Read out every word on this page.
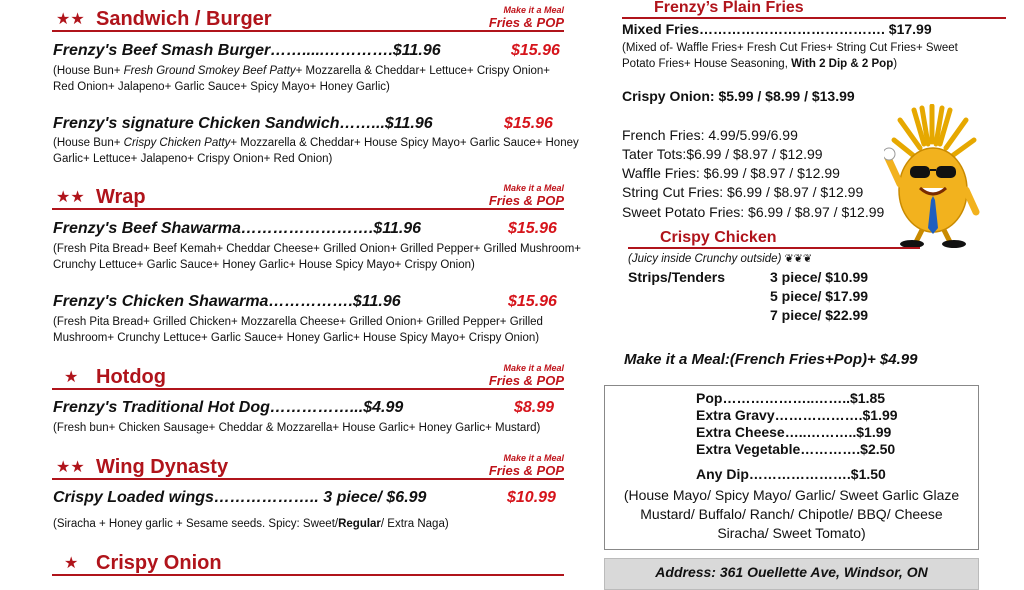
★★ Sandwich / Burger	Make it a Meal
Fries & POP
Frenzy's Beef Smash Burger…….....………….$11.96	$15.96
(House Bun+ Fresh Ground Smokey Beef Patty+ Mozzarella & Cheddar+ Lettuce+ Crispy Onion+ Red Onion+ Jalapeno+ Garlic Sauce+ Spicy Mayo+ Honey Garlic)
Frenzy's signature Chicken Sandwich……...$11.96	$15.96
(House Bun+ Crispy Chicken Patty+ Mozzarella & Cheddar+ House Spicy Mayo+ Garlic Sauce+ Honey Garlic+ Lettuce+ Jalapeno+ Crispy Onion+ Red Onion)
★★ Wrap	Make it a Meal
Fries & POP
Frenzy's Beef Shawarma…………………….$11.96	$15.96
(Fresh Pita Bread+ Beef Kemah+ Cheddar Cheese+ Grilled Onion+ Grilled Pepper+ Grilled Mushroom+ Crunchy Lettuce+ Garlic Sauce+ Honey Garlic+ House Spicy Mayo+ Crispy Onion)
Frenzy's Chicken Shawarma…………….$11.96	$15.96
(Fresh Pita Bread+ Grilled Chicken+ Mozzarella Cheese+ Grilled Onion+ Grilled Pepper+ Grilled Mushroom+ Crunchy Lettuce+ Garlic Sauce+ Honey Garlic+ House Spicy Mayo+ Crispy Onion)
★ Hotdog	Make it a Meal
Fries & POP
Frenzy's Traditional Hot Dog……………...$4.99	$8.99
(Fresh bun+ Chicken Sausage+ Cheddar & Mozzarella+ House Garlic+ Honey Garlic+ Mustard)
★★ Wing Dynasty	Make it a Meal
Fries & POP
Crispy Loaded wings……………….. 3 piece/ $6.99	$10.99
(Siracha + Honey garlic + Sesame seeds. Spicy: Sweet/Regular/ Extra Naga)
★ Crispy Onion
Frenzy’s Plain Fries
Mixed Fries…………………………………. $17.99
(Mixed of- Waffle Fries+ Fresh Cut Fries+ String Cut Fries+ Sweet Potato Fries+ House Seasoning, With 2 Dip & 2 Pop)
Crispy Onion: $5.99 / $8.99 / $13.99
French Fries: 4.99/5.99/6.99
Tater Tots:$6.99 / $8.97 / $12.99
Waffle Fries: $6.99 / $8.97 / $12.99
String Cut Fries: $6.99 / $8.97 / $12.99
Sweet Potato Fries: $6.99 / $8.97 / $12.99
Crispy Chicken
(Juicy inside Crunchy outside) ❦❦❦
Strips/Tenders	3 piece/ $10.99
5 piece/ $17.99
7 piece/ $22.99
Make it a Meal:(French Fries+Pop)+ $4.99
Pop………………..……..$1.85
Extra Gravy……………….$1.99
Extra Cheese…..………..$1.99
Extra Vegetable………….$2.50
Any Dip………………….$1.50
(House Mayo/ Spicy Mayo/ Garlic/ Sweet Garlic Glaze
Mustard/ Buffalo/ Ranch/ Chipotle/ BBQ/ Cheese
Siracha/ Sweet Tomato)
Address: 361 Ouellette Ave, Windsor, ON
